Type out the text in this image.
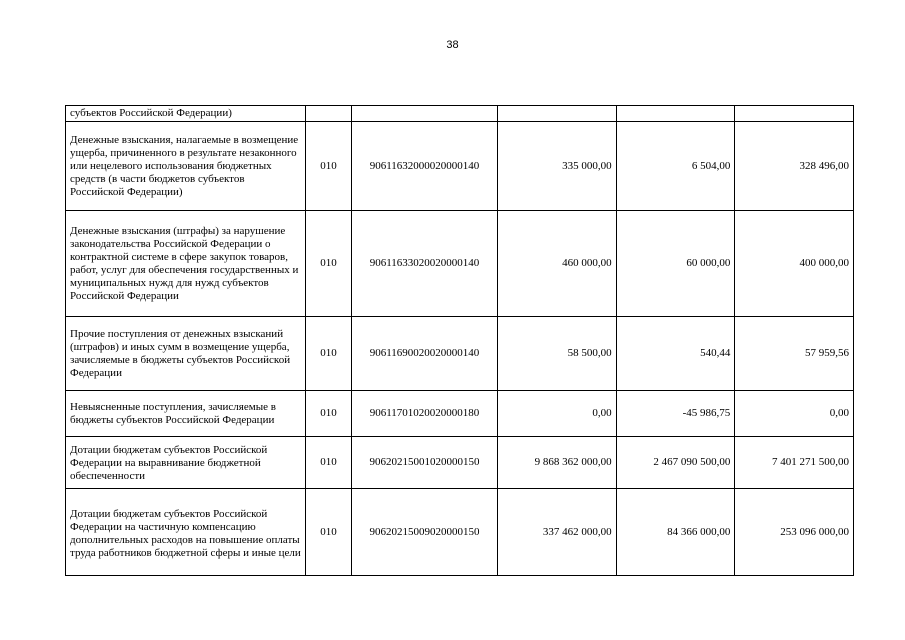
38
субъектов Российской Федерации)					
Денежные взыскания, налагаемые в возмещение ущерба, причиненного в результате незаконного или нецелевого использования бюджетных средств (в части бюджетов субъектов Российской Федерации)	010	90611632000020000140	335 000,00	6 504,00	328 496,00
Денежные взыскания (штрафы) за нарушение законодательства Российской Федерации о контрактной системе в сфере закупок товаров, работ, услуг для обеспечения государственных и муниципальных нужд для нужд субъектов Российской Федерации	010	90611633020020000140	460 000,00	60 000,00	400 000,00
Прочие поступления от денежных взысканий (штрафов) и иных сумм в возмещение ущерба, зачисляемые в бюджеты субъектов Российской Федерации	010	90611690020020000140	58 500,00	540,44	57 959,56
Невыясненные поступления, зачисляемые в бюджеты субъектов Российской Федерации	010	90611701020020000180	0,00	-45 986,75	0,00
Дотации бюджетам субъектов Российской Федерации на выравнивание бюджетной обеспеченности	010	90620215001020000150	9 868 362 000,00	2 467 090 500,00	7 401 271 500,00
Дотации бюджетам субъектов Российской Федерации на частичную компенсацию дополнительных расходов на повышение оплаты труда работников бюджетной сферы и иные цели	010	90620215009020000150	337 462 000,00	84 366 000,00	253 096 000,00
